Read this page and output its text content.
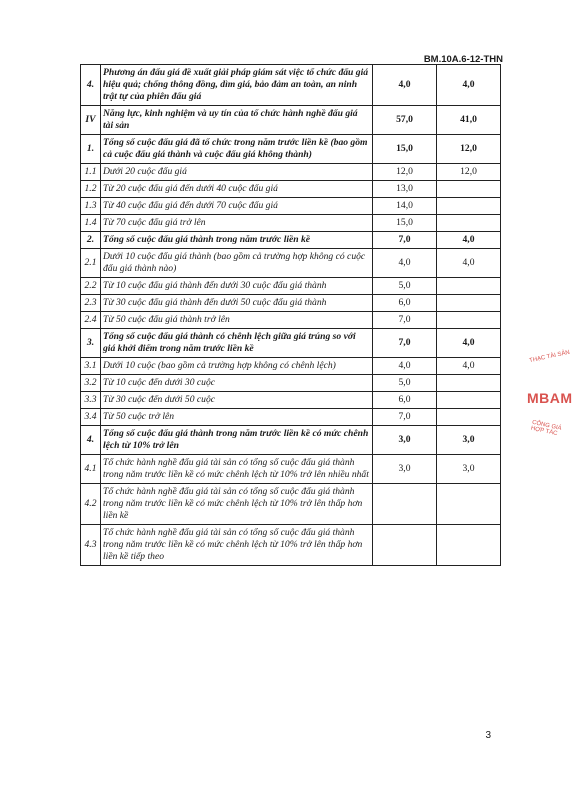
BM.10A.6-12-THN
4.	Phương án đấu giá đề xuất giải pháp giám sát việc tổ chức đấu giá hiệu quả; chống thông đồng, dìm giá, bảo đảm an toàn, an ninh trật tự của phiên đấu giá	4,0	4,0
IV	Năng lực, kinh nghiệm và uy tín của tổ chức hành nghề đấu giá tài sản	57,0	41,0
1.	Tổng số cuộc đấu giá đã tổ chức trong năm trước liền kề (bao gồm cả cuộc đấu giá thành và cuộc đấu giá không thành)	15,0	12,0
1.1	Dưới 20 cuộc đấu giá	12,0	12,0
1.2	Từ 20 cuộc đấu giá đến dưới 40 cuộc đấu giá	13,0	
1.3	Từ 40 cuộc đấu giá đến dưới 70 cuộc đấu giá	14,0	
1.4	Từ 70 cuộc đấu giá trở lên	15,0	
2.	Tổng số cuộc đấu giá thành trong năm trước liền kề	7,0	4,0
2.1	Dưới 10 cuộc đấu giá thành (bao gồm cả trường hợp không có cuộc đấu giá thành nào)	4,0	4,0
2.2	Từ 10 cuộc đấu giá thành đến dưới 30 cuộc đấu giá thành	5,0	
2.3	Từ 30 cuộc đấu giá thành đến dưới 50 cuộc đấu giá thành	6,0	
2.4	Từ 50 cuộc đấu giá thành trở lên	7,0	
3.	Tổng số cuộc đấu giá thành có chênh lệch giữa giá trúng so với giá khởi điểm trong năm trước liền kề	7,0	4,0
3.1	Dưới 10 cuộc (bao gồm cả trường hợp không có chênh lệch)	4,0	4,0
3.2	Từ 10 cuộc đến dưới 30 cuộc	5,0	
3.3	Từ 30 cuộc đến dưới 50 cuộc	6,0	
3.4	Từ 50 cuộc trở lên	7,0	
4.	Tổng số cuộc đấu giá thành trong năm trước liền kề có mức chênh lệch từ 10% trở lên	3,0	3,0
4.1	Tổ chức hành nghề đấu giá tài sản có tổng số cuộc đấu giá thành trong năm trước liền kề có mức chênh lệch từ 10% trở lên nhiều nhất	3,0	3,0
4.2	Tổ chức hành nghề đấu giá tài sản có tổng số cuộc đấu giá thành trong năm trước liền kề có mức chênh lệch từ 10% trở lên thấp hơn liền kề		
4.3	Tổ chức hành nghề đấu giá tài sản có tổng số cuộc đấu giá thành trong năm trước liền kề có mức chênh lệch từ 10% trở lên thấp hơn liền kề tiếp theo		
THẠC TÀI SẢN
MBAM
CÔNG GIÁ HỢP TÁC
3
